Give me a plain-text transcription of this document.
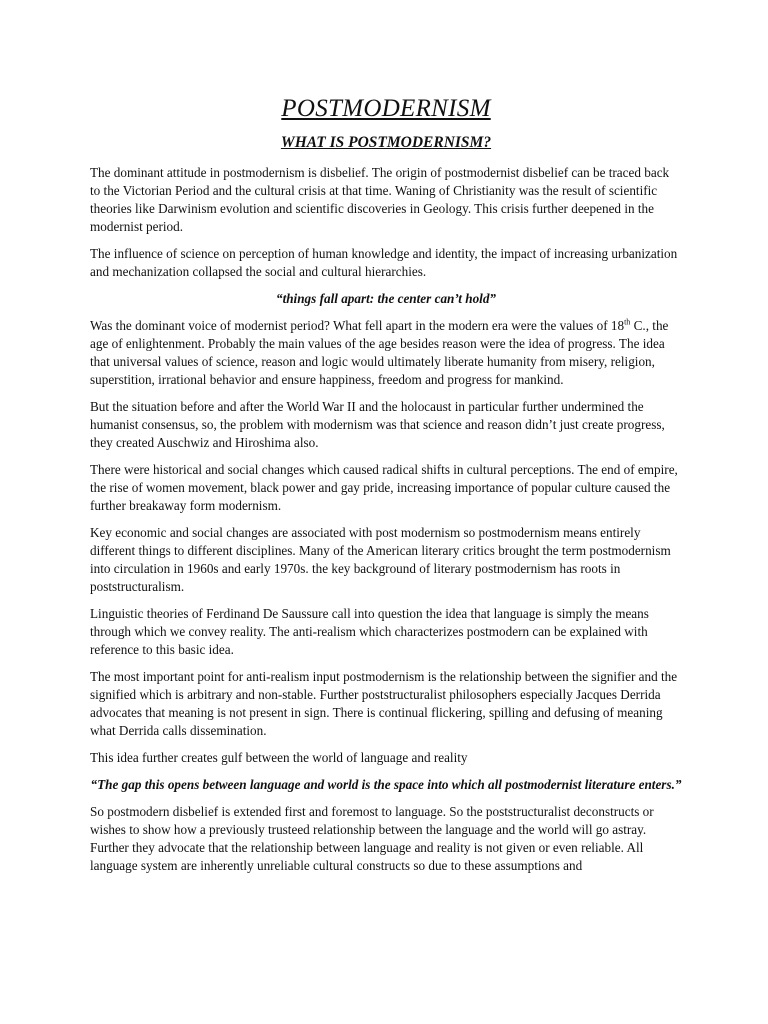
POSTMODERNISM
WHAT IS POSTMODERNISM?

The dominant attitude in postmodernism is disbelief. The origin of postmodernist disbelief can be traced back to the Victorian Period and the cultural crisis at that time. Waning of Christianity was the result of scientific theories like Darwinism evolution and scientific discoveries in Geology. This crisis further deepened in the modernist period.

The influence of science on perception of human knowledge and identity, the impact of increasing urbanization and mechanization collapsed the social and cultural hierarchies.

“things fall apart: the center can’t hold”

Was the dominant voice of modernist period? What fell apart in the modern era were the values of 18th C., the age of enlightenment. Probably the main values of the age besides reason were the idea of progress. The idea that universal values of science, reason and logic would ultimately liberate humanity from misery, religion, superstition, irrational behavior and ensure happiness, freedom and progress for mankind.

But the situation before and after the World War II and the holocaust in particular further undermined the humanist consensus, so, the problem with modernism was that science and reason didn’t just create progress, they created Auschwiz and Hiroshima also.

There were historical and social changes which caused radical shifts in cultural perceptions. The end of empire, the rise of women movement, black power and gay pride, increasing importance of popular culture caused the further breakaway form modernism.

Key economic and social changes are associated with post modernism so postmodernism means entirely different things to different disciplines. Many of the American literary critics brought the term postmodernism into circulation in 1960s and early 1970s. the key background of literary postmodernism has roots in poststructuralism.

Linguistic theories of Ferdinand De Saussure call into question the idea that language is simply the means through which we convey reality. The anti-realism which characterizes postmodern can be explained with reference to this basic idea.

The most important point for anti-realism input postmodernism is the relationship between the signifier and the signified which is arbitrary and non-stable. Further poststructuralist philosophers especially Jacques Derrida advocates that meaning is not present in sign. There is continual flickering, spilling and defusing of meaning what Derrida calls dissemination.

This idea further creates gulf between the world of language and reality

“The gap this opens between language and world is the space into which all postmodernist literature enters.”

So postmodern disbelief is extended first and foremost to language. So the poststructuralist deconstructs or wishes to show how a previously trusteed relationship between the language and the world will go astray. Further they advocate that the relationship between language and reality is not given or even reliable. All language system are inherently unreliable cultural constructs so due to these assumptions and
